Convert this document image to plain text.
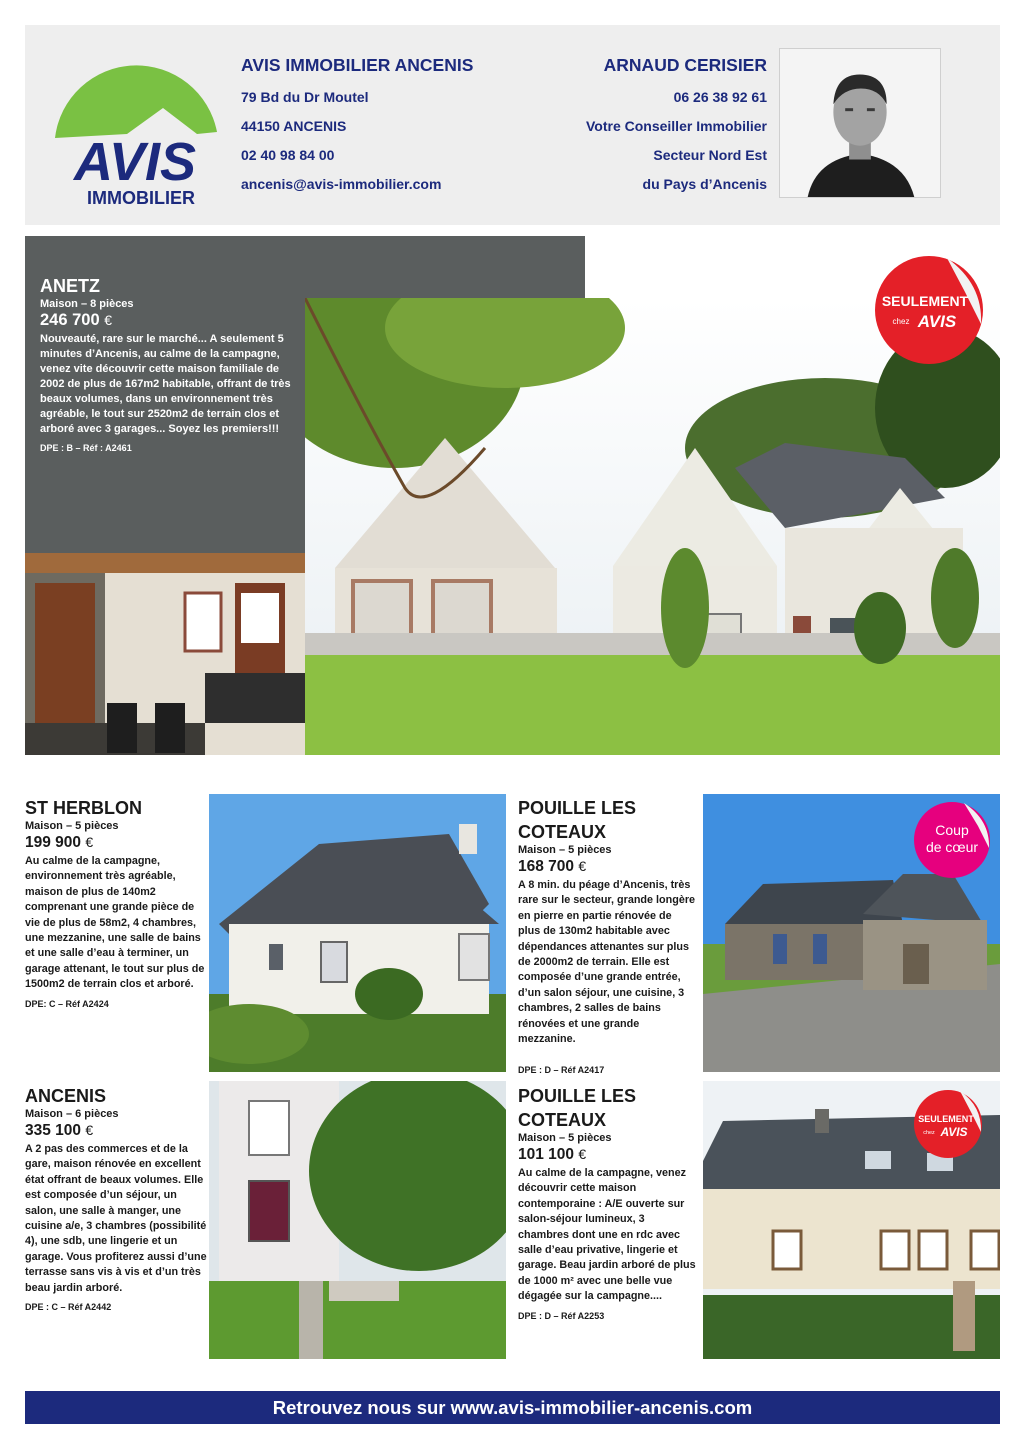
AVIS
IMMOBILIER
AVIS IMMOBILIER ANCENIS
79 Bd du Dr Moutel
44150 ANCENIS
02 40 98 84 00
ancenis@avis-immobilier.com
ARNAUD CERISIER
06 26 38 92 61
Votre Conseiller Immobilier
Secteur Nord Est
du Pays d’Ancenis
ANETZ
Maison – 8 pièces
246 700 €
Nouveauté, rare sur le marché... A seulement 5 minutes d’Ancenis, au calme de la campagne, venez vite découvrir cette maison familiale de 2002 de plus de 167m2 habitable, offrant de très beaux volumes, dans un environnement très agréable, le tout sur 2520m2 de terrain clos et arboré avec 3 garages... Soyez les premiers!!!
DPE : B – Réf : A2461
SEULEMENT
chez AVIS
ST HERBLON
Maison – 5 pièces
199 900 €
Au calme de la campagne, environnement très agréable, maison de plus de 140m2 comprenant une grande pièce de vie de plus de 58m2, 4 chambres, une mezzanine, une salle de bains et une salle d’eau à terminer, un garage attenant, le tout sur plus de 1500m2 de terrain clos et arboré.
DPE: C – Réf A2424
POUILLE LES
COTEAUX
Maison – 5 pièces
168 700 €
A 8 min. du péage d’Ancenis, très rare sur le secteur, grande longère en pierre en partie rénovée de plus de 130m2 habitable avec dépendances attenantes sur plus de 2000m2 de terrain. Elle est composée d’une grande entrée, d’un salon séjour, une cuisine, 3 chambres, 2 salles de bains rénovées et une grande mezzanine.
DPE : D – Réf A2417
Coup
de cœur
ANCENIS
Maison – 6 pièces
335 100 €
A 2 pas des commerces et de la gare, maison rénovée en excellent état offrant de beaux volumes. Elle est composée d’un séjour, un salon, une salle à manger, une cuisine a/e, 3 chambres (possibilité 4), une sdb, une lingerie et un garage. Vous profiterez aussi d’une terrasse sans vis à vis et d’un très beau jardin arboré.
DPE : C – Réf A2442
POUILLE LES
COTEAUX
Maison – 5 pièces
101 100 €
Au calme de la campagne, venez découvrir cette maison contemporaine : A/E ouverte sur salon-séjour lumineux, 3 chambres dont une en rdc avec salle d’eau privative, lingerie et garage. Beau jardin arboré de plus de 1000 m² avec une belle vue dégagée sur la campagne....
DPE : D – Réf A2253
SEULEMENT
chez AVIS
Retrouvez nous sur www.avis-immobilier-ancenis.com
